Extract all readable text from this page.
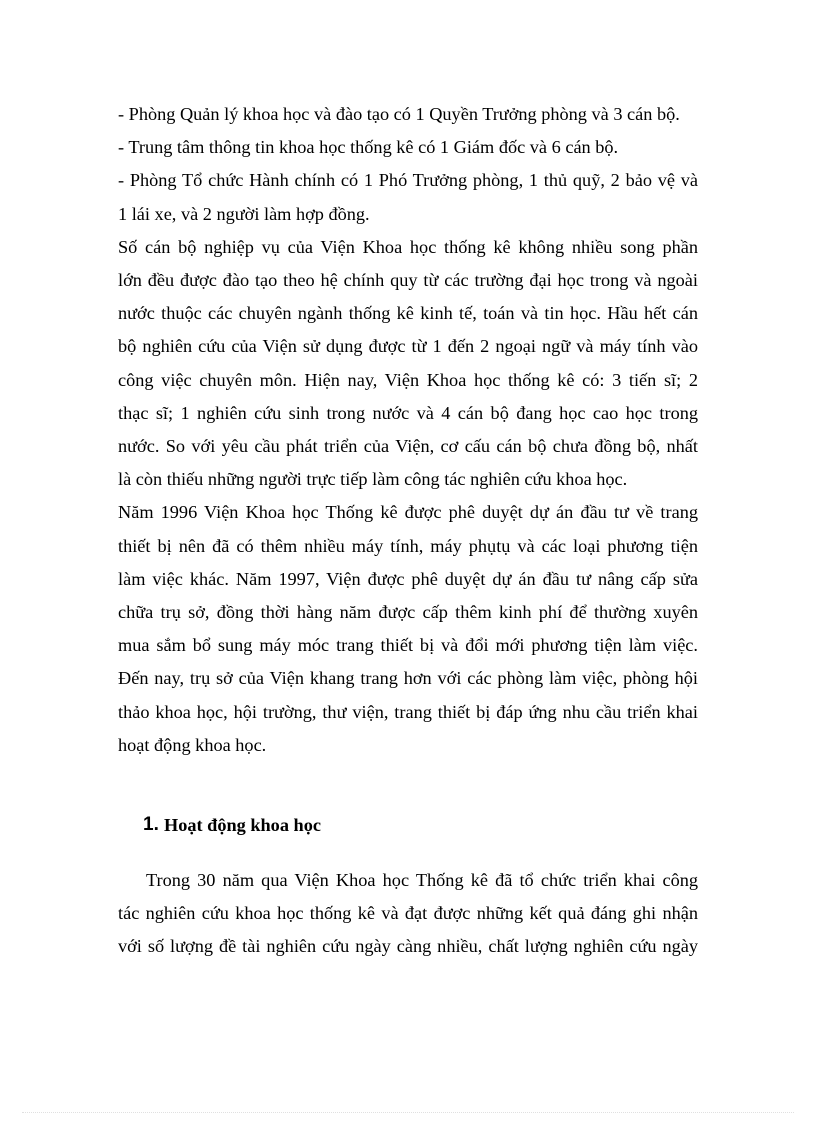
- Phòng Quản lý khoa học và đào tạo có 1 Quyền Trưởng phòng và 3 cán bộ.
- Trung tâm thông tin khoa học thống kê có 1 Giám đốc và 6 cán bộ.
- Phòng Tổ chức Hành chính có 1 Phó Trưởng phòng, 1 thủ quỹ, 2 bảo vệ và
1 lái xe, và 2 người làm hợp đồng.
Số cán bộ nghiệp vụ của Viện Khoa học thống kê không nhiều song phần
lớn đều được đào tạo theo hệ chính quy từ các trường đại học trong và ngoài
nước thuộc các chuyên ngành thống kê kinh tế, toán và tin học. Hầu hết cán
bộ nghiên cứu của Viện sử dụng được từ 1 đến 2 ngoại ngữ và máy tính vào
công việc chuyên môn. Hiện nay, Viện Khoa học thống kê có: 3 tiến sĩ; 2
thạc sĩ; 1 nghiên cứu sinh trong nước và 4 cán bộ đang học cao học trong
nước. So với yêu cầu phát triển của Viện, cơ cấu cán bộ chưa đồng bộ, nhất
là còn thiếu những người trực tiếp làm công tác nghiên cứu khoa học.
Năm 1996 Viện Khoa học Thống kê được phê duyệt dự án đầu tư về trang
thiết bị nên đã có thêm nhiều máy tính, máy phụtụ và các loại phương tiện
làm việc khác. Năm 1997, Viện được phê duyệt dự án đầu tư nâng cấp sửa
chữa trụ sở, đồng thời hàng năm được cấp thêm kinh phí để thường xuyên
mua sắm bổ sung máy móc trang thiết bị và đổi mới phương tiện làm việc.
Đến nay, trụ sở của Viện khang trang hơn với các phòng làm việc, phòng hội
thảo khoa học, hội trường, thư viện, trang thiết bị đáp ứng nhu cầu triển khai
hoạt động khoa học.
1. Hoạt động khoa học
Trong 30 năm qua Viện Khoa học Thống kê đã tổ chức triển khai công
tác nghiên cứu khoa học thống kê và đạt được những kết quả đáng ghi nhận
với số lượng đề tài nghiên cứu ngày càng nhiều, chất lượng nghiên cứu ngày
